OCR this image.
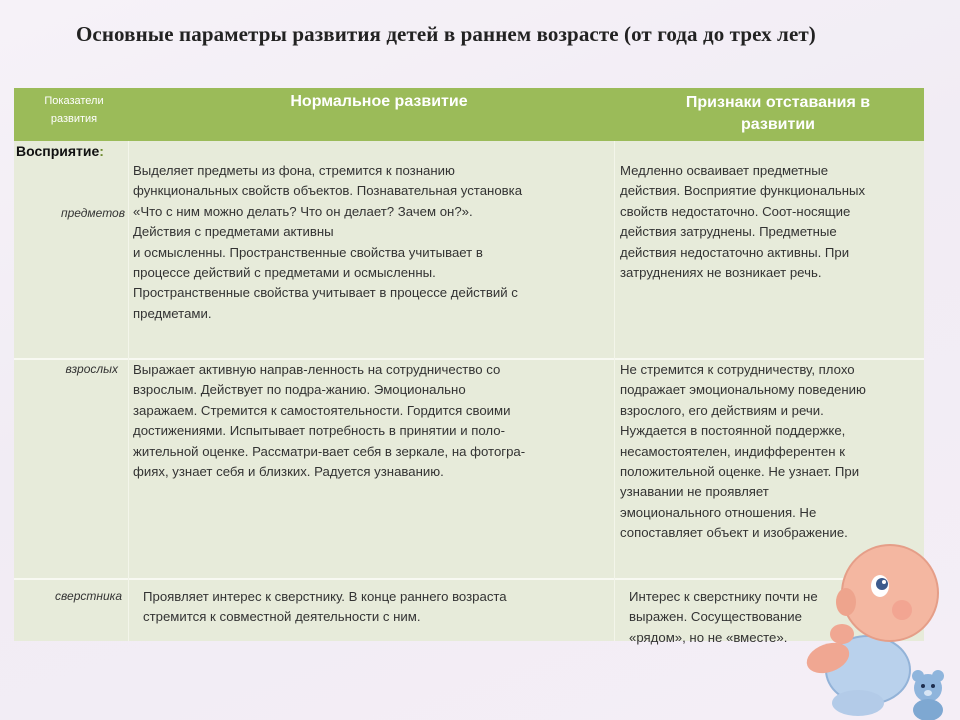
Основные параметры развития детей в раннем возрасте (от года до трех лет)
Показатели
развития
Нормальное развитие	Признаки отставания в
развитии
Восприятие:
предметов
Выделяет предметы из фона, стремится к познанию
функциональных свойств объектов. Познавательная установка
«Что с ним можно делать? Что он делает? Зачем он?».
Действия с предметами активны
и осмысленны. Пространственные свойства учитывает в
процессе действий с предметами и осмысленны.
Пространственные свойства учитывает в процессе действий с
предметами.
Медленно осваивает предметные
действия. Восприятие функциональных
свойств недостаточно. Соот-носящие
действия затруднены. Предметные
действия недостаточно активны. При
затруднениях не возникает речь.
взрослых Выражает активную направ-ленность на сотрудничество со
взрослым. Действует по подра-жанию. Эмоционально
заражаем. Стремится к самостоятельности. Гордится своими
достижениями. Испытывает потребность в принятии и поло-
жительной оценке. Рассматри-вает себя в зеркале, на фотогра-
фиях, узнает себя и близких. Радуется узнаванию.
Не стремится к сотрудничеству, плохо
подражает эмоциональному поведению
взрослого, его действиям и речи.
Нуждается в постоянной поддержке,
несамостоятелен, индифферентен к
положительной оценке. Не узнает. При
узнавании не проявляет
эмоционального отношения. Не
сопоставляет объект и изображение.
сверстника Проявляет интерес к сверстнику. В конце раннего возраста
стремится к совместной деятельности с ним.
Интерес к сверстнику почти не
выражен. Сосуществование
«рядом», но не «вместе».
